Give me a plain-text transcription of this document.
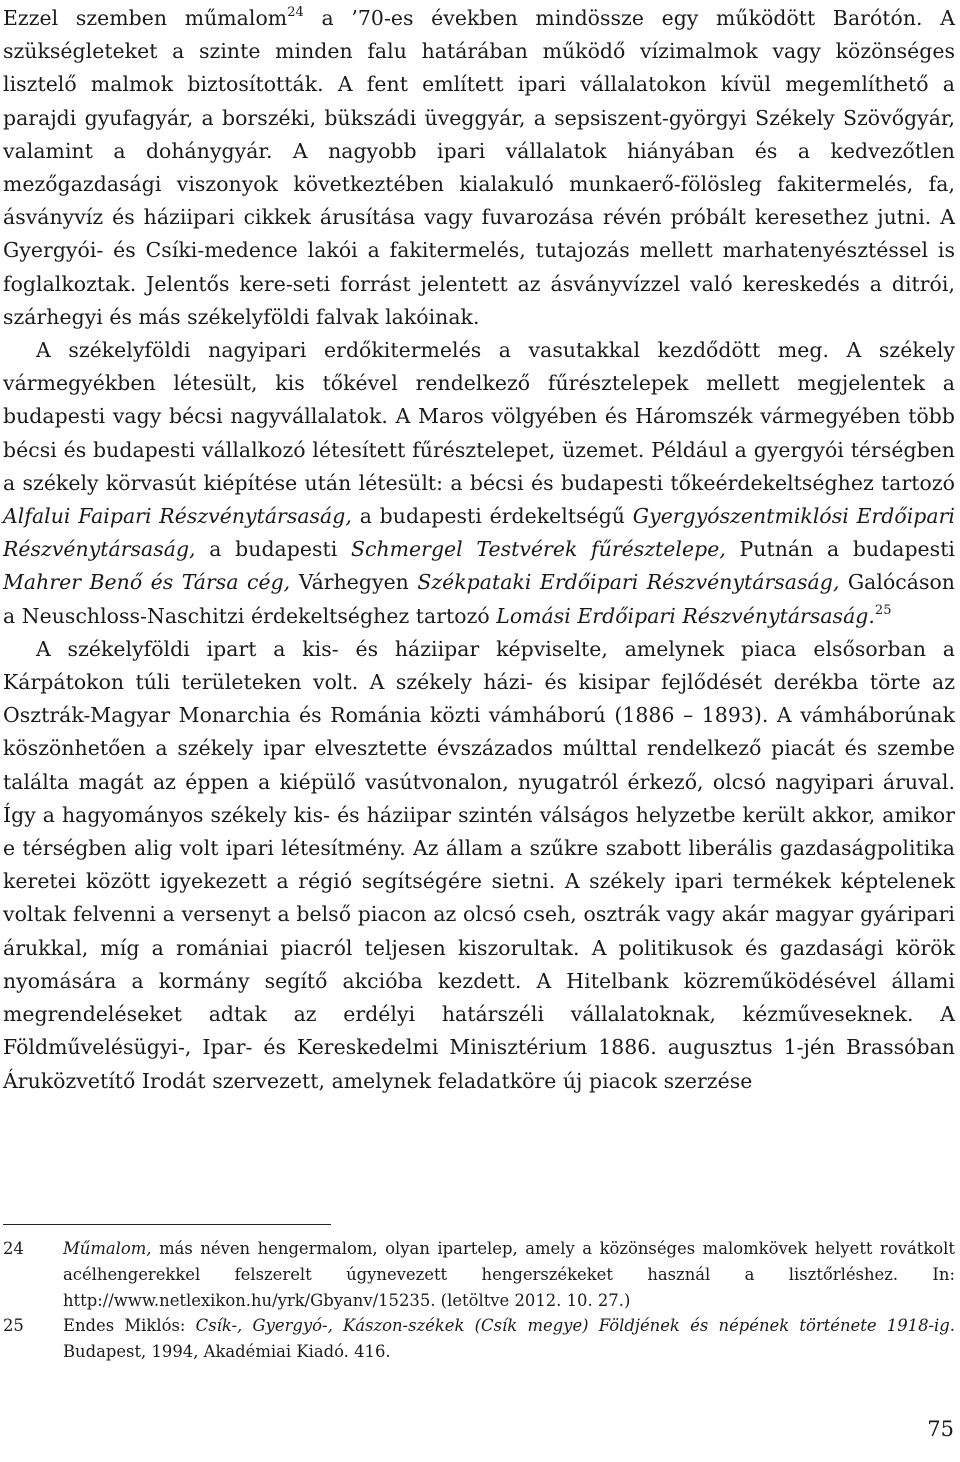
Ezzel szemben műmalom$^{24}$ a ’70-es években mindössze egy működött Barótón. A szükségleteket a szinte minden falu határában működő vízimalmok vagy közönséges lisztelő malmok biztosították. A fent említett ipari vállalatokon kívül megemlíthető a parajdi gyufagyár, a borszéki, bükszádi üveggyár, a sepsiszent-györgyi Székely Szövőgyár, valamint a dohánygyár. A nagyobb ipari vállalatok hiányában és a kedvezőtlen mezőgazdasági viszonyok következtében kialakuló munkaerő-fölösleg fakitermelés, fa, ásványvíz és háziipari cikkek árusítása vagy fuvarozása révén próbált keresethez jutni. A Gyergyói- és Csíki-medence lakói a fakitermelés, tutajozás mellett marhatenyésztéssel is foglalkoztak. Jelentős kere-seti forrást jelentett az ásványvízzel való kereskedés a ditrói, szárhegyi és más székelyföldi falvak lakóinak.

A székelyföldi nagyipari erdőkitermelés a vasutakkal kezdődött meg. A székely vármegyékben létesült, kis tőkével rendelkező fűrésztelepek mellett megjelentek a budapesti vagy bécsi nagyvállalatok. A Maros völgyében és Háromszék vármegyében több bécsi és budapesti vállalkozó létesített fűrésztelepet, üzemet. Például a gyergyói térségben a székely körvasút kiépítése után létesült: a bécsi és budapesti tőkeérdekeltséghez tartozó Alfalui Faipari Részvénytársaság, a budapesti érdekeltségű Gyergyószentmiklósi Erdőipari Részvénytársaság, a budapesti Schmergel Testvérek fűrésztelepe, Putnán a budapesti Mahrer Benő és Társa cég, Várhegyen Székpataki Erdőipari Részvénytársaság, Galócáson a Neuschloss-Naschitzi érdekeltséghez tartozó Lomási Erdőipari Részvénytársaság.$^{25}$

A székelyföldi ipart a kis- és háziipar képviselte, amelynek piaca elsősorban a Kárpátokon túli területeken volt. A székely házi- és kisipar fejlődését derékba törte az Osztrák-Magyar Monarchia és Románia közti vámháború (1886 – 1893). A vámháborúnak köszönhetően a székely ipar elvesztette évszázados múlttal rendelkező piacát és szembe találta magát az éppen a kiépülő vasútvonalon, nyugatról érkező, olcsó nagyipari áruval. Így a hagyományos székely kis- és háziipar szintén válságos helyzetbe került akkor, amikor e térségben alig volt ipari létesítmény. Az állam a szűkre szabott liberális gazdaságpolitika keretei között igyekezett a régió segítségére sietni. A székely ipari termékek képtelenek voltak felvenni a versenyt a belső piacon az olcsó cseh, osztrák vagy akár magyar gyáripari árukkal, míg a romániai piacról teljesen kiszorultak. A politikusok és gazdasági körök nyomására a kormány segítő akcióba kezdett. A Hitelbank közreműködésével állami megrendeléseket adtak az erdélyi határszéli vállalatoknak, kézműveseknek. A Földművelésügyi-, Ipar- és Kereskedelmi Minisztérium 1886. augusztus 1-jén Brassóban Áruközvetítő Irodát szervezett, amelynek feladatköre új piacok szerzése

24	Műmalom, más néven hengermalom, olyan ipartelep, amely a közönséges malomkövek helyett rovátkolt acélhengerekkel felszerelt úgynevezett hengerszékeket használ a lisztőrléshez. In: http://www.netlexikon.hu/yrk/Gbyanv/15235. (letöltve 2012. 10. 27.)
25	Endes Miklós: Csík-, Gyergyó-, Kászon-székek (Csík megye) Földjének és népének története 1918-ig. Budapest, 1994, Akadémiai Kiadó. 416.
75
